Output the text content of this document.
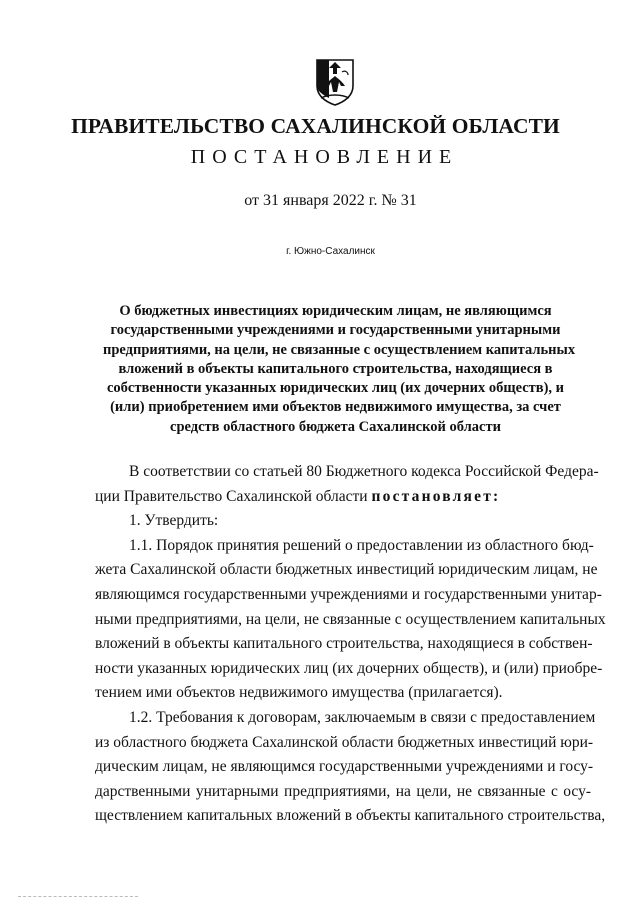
ПРАВИТЕЛЬСТВО САХАЛИНСКОЙ ОБЛАСТИ
ПОСТАНОВЛЕНИЕ
от 31 января 2022 г. № 31
г. Южно-Сахалинск
О бюджетных инвестициях юридическим лицам, не являющимся
государственными учреждениями и государственными унитарными
предприятиями, на цели, не связанные с осуществлением капитальных
вложений в объекты капитального строительства, находящиеся в
собственности указанных юридических лиц (их дочерних обществ), и
(или) приобретением ими объектов недвижимого имущества, за счет
средств областного бюджета Сахалинской области
В соответствии со статьей 80 Бюджетного кодекса Российской Федера-
ции Правительство Сахалинской области постановляет:
1. Утвердить:
1.1. Порядок принятия решений о предоставлении из областного бюд-
жета Сахалинской области бюджетных инвестиций юридическим лицам, не
являющимся государственными учреждениями и государственными унитар-
ными предприятиями, на цели, не связанные с осуществлением капитальных
вложений в объекты капитального строительства, находящиеся в собствен-
ности указанных юридических лиц (их дочерних обществ), и (или) приобре-
тением ими объектов недвижимого имущества (прилагается).
1.2. Требования к договорам, заключаемым в связи с предоставлением
из областного бюджета Сахалинской области бюджетных инвестиций юри-
дическим лицам, не являющимся государственными учреждениями и госу-
дарственными унитарными предприятиями, на цели, не связанные с осу-
ществлением капитальных вложений в объекты капитального строительства,
